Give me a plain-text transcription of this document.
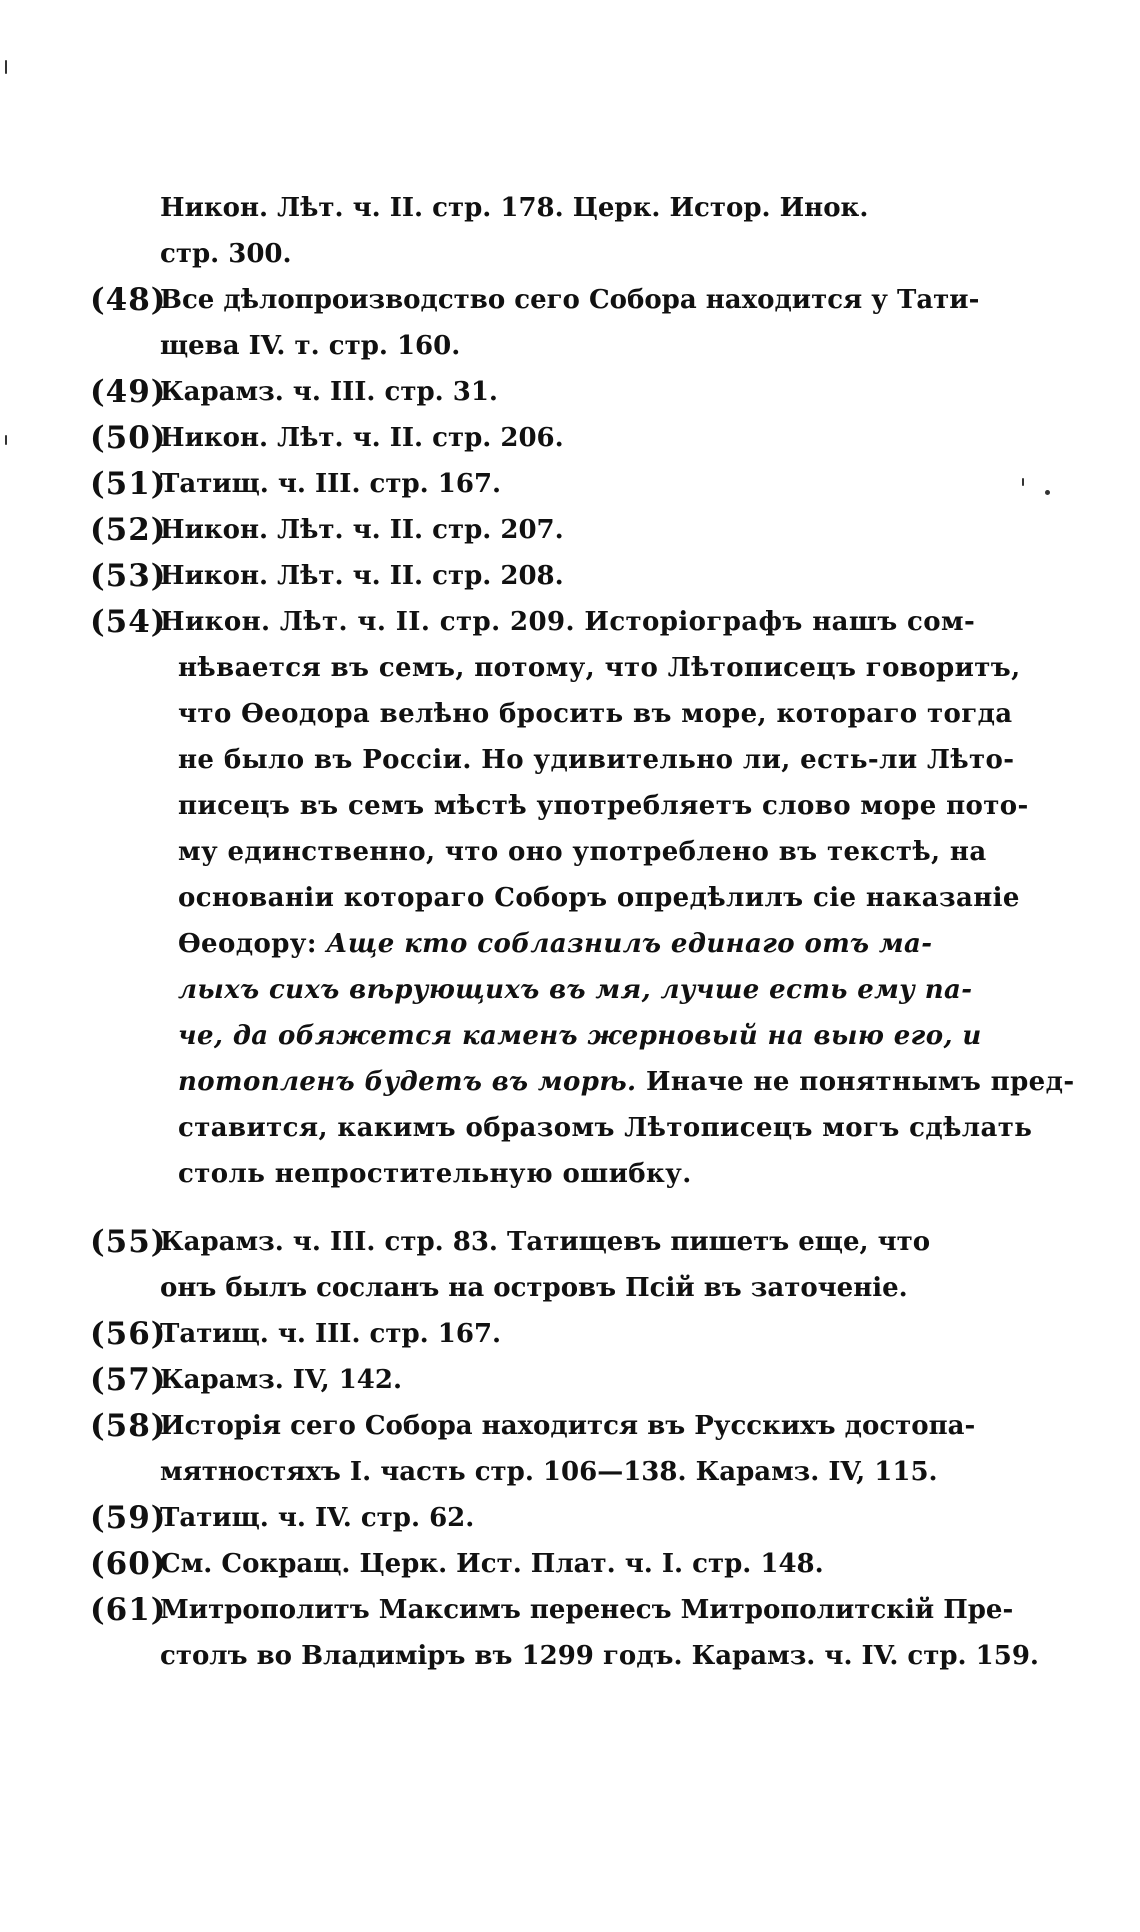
Никон. Лѣт. ч. II. стр. 178. Церк. Истор. Инок.
стр. 300.
(48)
Все дѣлопроизводство сего Собора находится у Тати-
щева IV. т. стр. 160.
(49)
Карамз. ч. III. стр. 31.
(50)
Никон. Лѣт. ч. II. стр. 206.
(51)
Татищ. ч. III. стр. 167.
(52)
Никон. Лѣт. ч. II. стр. 207.
(53)
Никон. Лѣт. ч. II. стр. 208.
(54)
Никон. Лѣт. ч. II. стр. 209. Исторіографъ нашъ сом-
нѣвается въ семъ, потому, что Лѣтописецъ говоритъ,
что Ѳеодора велѣно бросить въ море, котораго тогда
не было въ Россіи. Но удивительно ли, есть-ли Лѣто-
писецъ въ семъ мѣстѣ употребляетъ слово море пото-
му единственно, что оно употреблено въ текстѣ, на
основаніи котораго Соборъ опредѣлилъ сіе наказаніе
Ѳеодору: Аще кто соблазнилъ единаго отъ ма-
лыхъ сихъ вѣрующихъ въ мя, лучше есть ему па-
че, да обяжется каменъ жерновый на выю его, и
потопленъ будетъ въ морѣ. Иначе не понятнымъ пред-
ставится, какимъ образомъ Лѣтописецъ могъ сдѣлать
столь непростительную ошибку.
(55)
Карамз. ч. III. стр. 83. Татищевъ пишетъ еще, что
онъ былъ сосланъ на островъ Псій въ заточеніе.
(56)
Татищ. ч. III. стр. 167.
(57)
Карамз. IV, 142.
(58)
Исторія сего Собора находится въ Русскихъ достопа-
мятностяхъ I. часть стр. 106—138. Карамз. IV, 115.
(59)
Татищ. ч. IV. стр. 62.
(60)
См. Сокращ. Церк. Ист. Плат. ч. I. стр. 148.
(61)
Митрополитъ Максимъ перенесъ Митрополитскій Пре-
столъ во Владиміръ въ 1299 годъ. Карамз. ч. IV. стр. 159.
